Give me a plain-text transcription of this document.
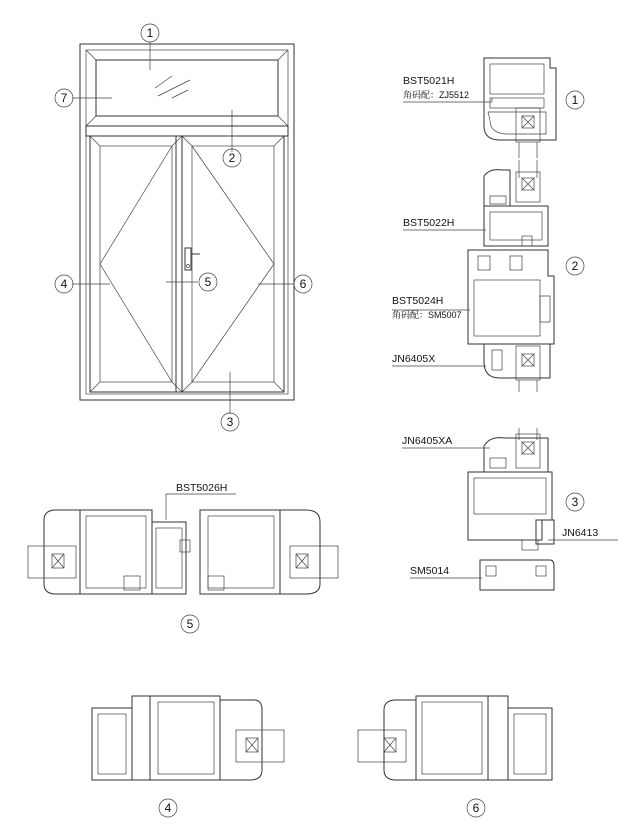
1
7
2
4	5	6
3
BST5021H
角码配：ZJ5512	1
BST5022H
BST5024H
角码配：SM5007
JN6405X
2
JN6405XA
JN6413
SM5014
3
BST5026H
5
4	6
